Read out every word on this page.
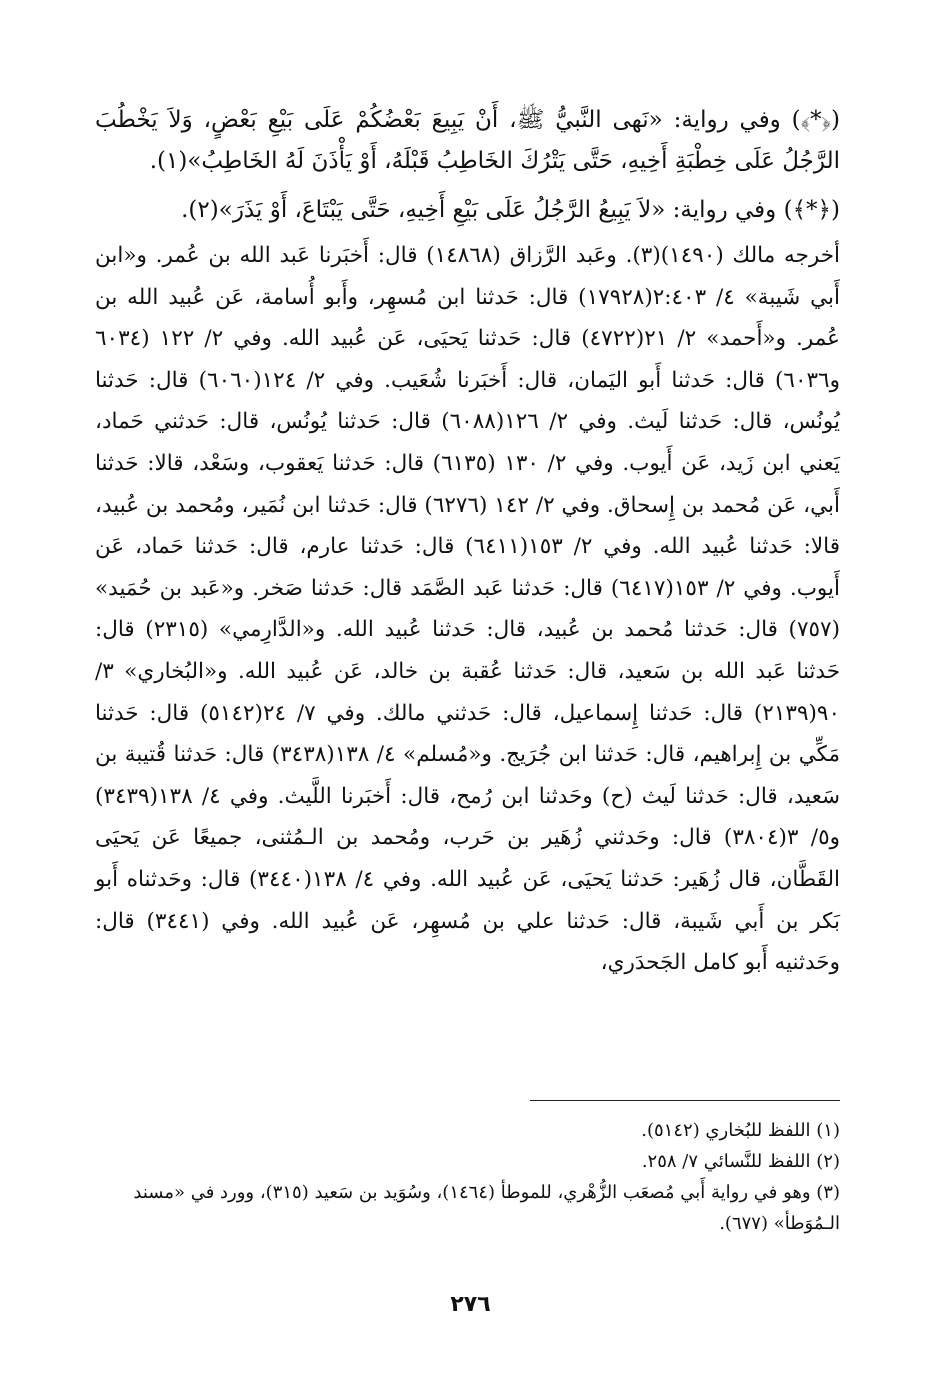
(﴿*﴾) وفي رواية: «نَهى النَّبيُّ ﷺ، أَنْ يَبِيعَ بَعْضُكُمْ عَلَى بَيْعِ بَعْضٍ، وَلاَ يَخْطُبَ الرَّجُلُ عَلَى خِطْبَةِ أَخِيهِ، حَتَّى يَتْرُكَ الخَاطِبُ قَبْلَهُ، أَوْ يَأْذَنَ لَهُ الخَاطِبُ»(١).

(﴿*﴾) وفي رواية: «لاَ يَبِيعُ الرَّجُلُ عَلَى بَيْعِ أَخِيهِ، حَتَّى يَبْتَاعَ، أَوْ يَذَرَ»(٢).

أخرجه مالك (١٤٩٠)(٣). وعَبد الرَّزاق (١٤٨٦٨) قال: أَخبَرنا عَبد الله بن عُمر. و«ابن أَبي شَيبة» ٤/ ٢:٤٠٣(١٧٩٢٨) قال: حَدثنا ابن مُسهِر، وأَبو أُسامة، عَن عُبيد الله بن عُمر. و«أَحمد» ٢/ ٢١(٤٧٢٢) قال: حَدثنا يَحيَى، عَن عُبيد الله. وفي ٢/ ١٢٢ (٦٠٣٤ و٦٠٣٦) قال: حَدثنا أَبو اليَمان، قال: أَخبَرنا شُعَيب. وفي ٢/ ١٢٤(٦٠٦٠) قال: حَدثنا يُونُس، قال: حَدثنا لَيث. وفي ٢/ ١٢٦(٦٠٨٨) قال: حَدثنا يُونُس، قال: حَدثني حَماد، يَعني ابن زَيد، عَن أَيوب. وفي ٢/ ١٣٠ (٦١٣٥) قال: حَدثنا يَعقوب، وسَعْد، قالا: حَدثنا أَبي، عَن مُحمد بن إِسحاق. وفي ٢/ ١٤٢ (٦٢٧٦) قال: حَدثنا ابن نُمَير، ومُحمد بن عُبيد، قالا: حَدثنا عُبيد الله. وفي ٢/ ١٥٣(٦٤١١) قال: حَدثنا عارم، قال: حَدثنا حَماد، عَن أَيوب. وفي ٢/ ١٥٣(٦٤١٧) قال: حَدثنا عَبد الصَّمَد قال: حَدثنا صَخر. و«عَبد بن حُمَيد» (٧٥٧) قال: حَدثنا مُحمد بن عُبيد، قال: حَدثنا عُبيد الله. و«الدَّارِمي» (٢٣١٥) قال: حَدثنا عَبد الله بن سَعيد، قال: حَدثنا عُقبة بن خالد، عَن عُبيد الله. و«البُخاري» ٣/ ٩٠(٢١٣٩) قال: حَدثنا إِسماعيل، قال: حَدثني مالك. وفي ٧/ ٢٤(٥١٤٢) قال: حَدثنا مَكِّي بن إِبراهيم، قال: حَدثنا ابن جُرَيج. و«مُسلم» ٤/ ١٣٨(٣٤٣٨) قال: حَدثنا قُتيبة بن سَعيد، قال: حَدثنا لَيث (ح) وحَدثنا ابن رُمح، قال: أَخبَرنا اللَّيث. وفي ٤/ ١٣٨(٣٤٣٩) و٥/ ٣(٣٨٠٤) قال: وحَدثني زُهَير بن حَرب، ومُحمد بن الـمُثنى، جميعًا عَن يَحيَى القَطَّان، قال زُهَير: حَدثنا يَحيَى، عَن عُبيد الله. وفي ٤/ ١٣٨(٣٤٤٠) قال: وحَدثناه أَبو بَكر بن أَبي شَيبة، قال: حَدثنا علي بن مُسهِر، عَن عُبيد الله. وفي (٣٤٤١) قال: وحَدثنيه أَبو كامل الجَحدَري،

(١) اللفظ للبُخاري (٥١٤٢).

(٢) اللفظ للنَّسائي ٧/ ٢٥٨.

(٣) وهو في رواية أَبي مُصعَب الزُّهْري، للموطأ (١٤٦٤)، وسُوَيد بن سَعيد (٣١٥)، وورد في «مسند الـمُوَطأ» (٦٧٧).

٢٧٦
